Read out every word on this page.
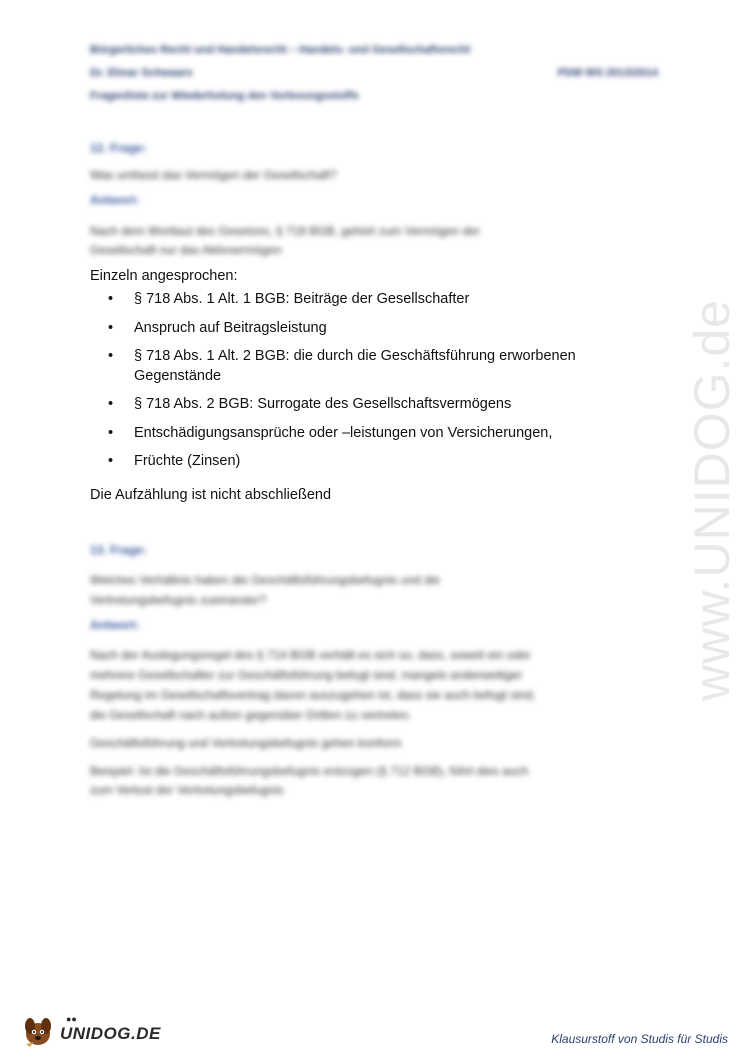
Bürgerliches Recht und Handelsrecht – Handels- und Gesellschaftsrecht
Dr. Elmar Schwaars	PDM WS 2013/2014
Fragenliste zur Wiederholung des Vorlesungsstoffs
12. Frage:
Was umfasst das Vermögen der Gesellschaft?
Antwort:
Nach dem Wortlaut des Gesetzes, § 718 BGB, gehört zum Vermögen der
Gesellschaft nur das Aktivvermögen
Einzeln angesprochen:
• § 718 Abs. 1 Alt. 1 BGB: Beiträge der Gesellschafter
• Anspruch auf Beitragsleistung
• § 718 Abs. 1 Alt. 2 BGB: die durch die Geschäftsführung erworbenen Gegenstände
• § 718 Abs. 2 BGB: Surrogate des Gesellschaftsvermögens
• Entschädigungsansprüche oder –leistungen von Versicherungen,
• Früchte (Zinsen)
Die Aufzählung ist nicht abschließend
13. Frage:
Welches Verhältnis haben die Geschäftsführungsbefugnis und die
Vertretungsbefugnis zueinander?
Antwort:
Nach der Auslegungsregel des § 714 BGB verhält es sich so, dass, soweit ein oder
mehrere Gesellschafter zur Geschäftsführung befugt sind, mangels anderweitiger
Regelung im Gesellschaftsvertrag davon auszugehen ist, dass sie auch befugt sind,
die Gesellschaft nach außen gegenüber Dritten zu vertreten.
Geschäftsführung und Vertretungsbefugnis gehen konform
Beispiel: Ist die Geschäftsführungsbefugnis entzogen (§ 712 BGB), führt dies auch
zum Verlust der Vertretungsbefugnis
www.UNIDOG.de
●●
UNIDOG.DE	Klausurstoff von Studis für Studis
